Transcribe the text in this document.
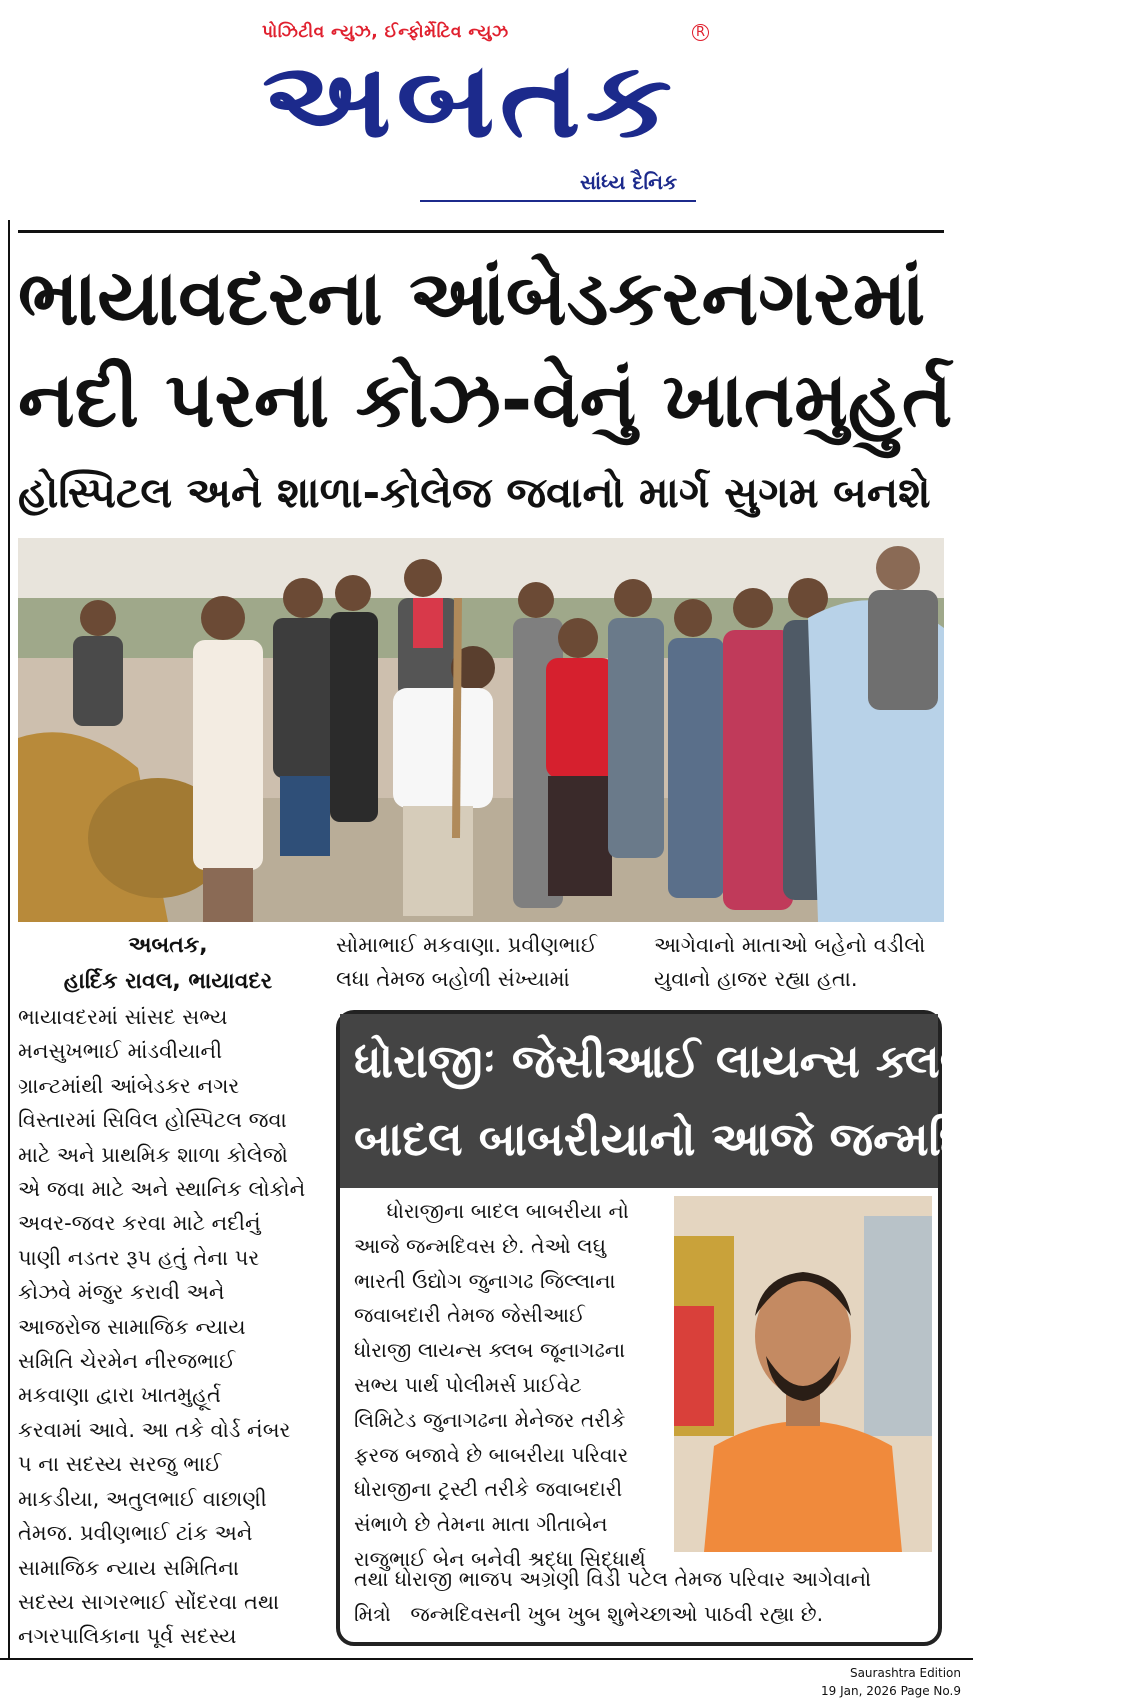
પોઝિટીવ ન્યુઝ, ઈન્ફોર્મેટિવ ન્યુઝ	R
અબતક
સાંધ્ય દૈનિક
ભાયાવદરના આંબેડકરનગરમાં
નદી પરના કોઝ-વેનું ખાતમુહુર્ત
હોસ્પિટલ અને શાળા-કોલેજ જવાનો માર્ગ સુગમ બનશે
અબતક,
હાર્દિક રાવલ, ભાયાવદર
ભાયાવદરમાં સાંસદ સભ્ય
મનસુખભાઈ માંડવીયાની
ગ્રાન્ટમાંથી આંબેડકર નગર
વિસ્તારમાં સિવિલ હોસ્પિટલ જવા
માટે અને પ્રાથમિક શાળા કોલેજો
એ જવા માટે અને સ્થાનિક લોકોને
અવર-જવર કરવા માટે નદીનું
પાણી નડતર રૂપ હતું તેના પર
કોઝવે મંજુર કરાવી અને
આજરોજ સામાજિક ન્યાય
સમિતિ ચેરમેન નીરજભાઈ
મકવાણા દ્વારા ખાતમુહૂર્ત
કરવામાં આવે. આ તકે વોર્ડ નંબર
પ ના સદસ્ય સરજુ ભાઈ
માકડીયા, અતુલભાઈ વાછાણી
તેમજ. પ્રવીણભાઈ ટાંક અને
સામાજિક ન્યાય સમિતિના
સદસ્ય સાગરભાઈ સોંદરવા તથા
નગરપાલિકાના પૂર્વ સદસ્ય
સોમાભાઈ મકવાણા. પ્રવીણભાઈ
લધા તેમજ બહોળી સંખ્યામાં
આગેવાનો માતાઓ બહેનો વડીલો
યુવાનો હાજર રહ્યા હતા.
ધોરાજીઃ જેસીઆઈ લાયન્સ ક્લબના સભ્ય
બાદલ બાબરીયાનો આજે જન્મદિવસ
ધોરાજીના બાદલ બાબરીયા નો
આજે જન્મદિવસ છે. તેઓ લઘુ
ભારતી ઉદ્યોગ જુનાગઢ જિલ્લાના
જવાબદારી તેમજ જેસીઆઈ
ધોરાજી લાયન્સ ક્લબ જૂનાગઢના
સભ્ય પાર્થ પોલીમર્સ પ્રાઈવેટ
લિમિટેડ જુનાગઢના મેનેજર તરીકે
ફરજ બજાવે છે બાબરીયા પરિવાર
ધોરાજીના ટ્રસ્ટી તરીકે જવાબદારી
સંભાળે છે તેમના માતા ગીતાબેન
રાજુભાઈ બેન બનેવી શ્રદ્ધા સિદ્ધાર્થ
તથા ધોરાજી ભાજપ અગ્રણી વિડી પટેલ તેમજ પરિવાર આગેવાનો
મિત્રો   જન્મદિવસની ખુબ ખુબ શુભેચ્છાઓ પાઠવી રહ્યા છે.
Saurashtra Edition
19 Jan, 2026 Page No.9
